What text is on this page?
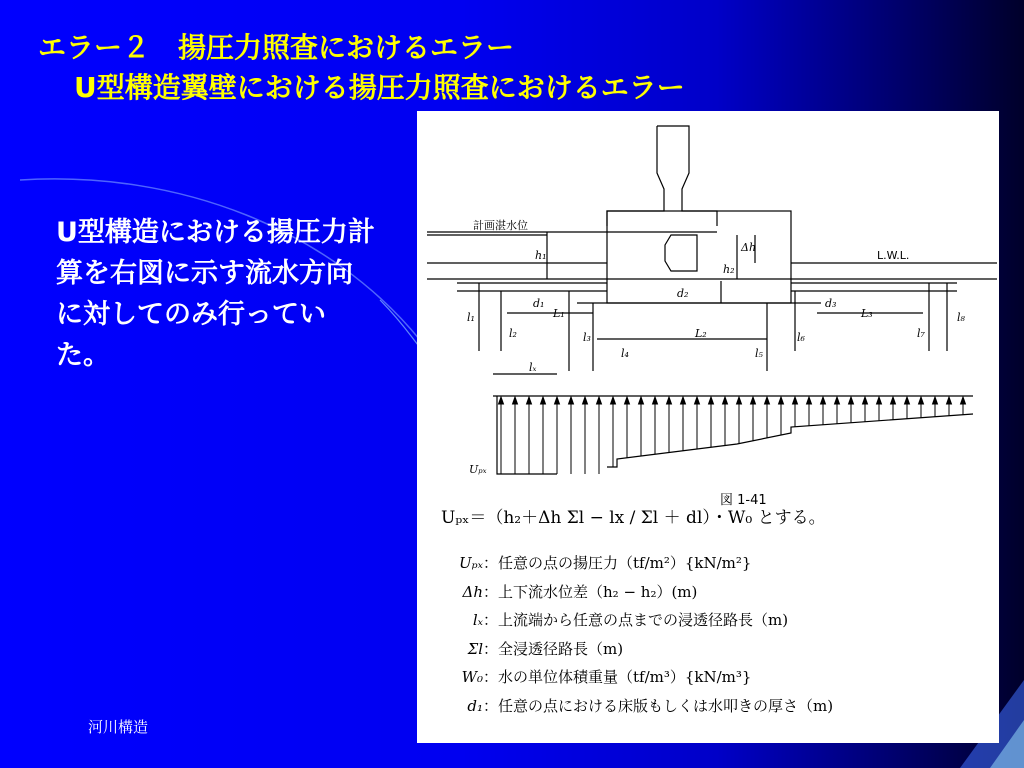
エラー２　揚圧力照査におけるエラー
U型構造翼壁における揚圧力照査におけるエラー

U型構造における揚圧力計算を右図に示す流水方向に対してのみ行っていた。

河川構造
計画湛水位
L.W.L.
h₁
h₂
Δh
d₁
d₂
d₃
L₁
L₂
L₃
l₁
l₂	l₃
l₄	l₅
l₆	l₇
l₈
lₓ
Uₚₓ
図 1-41
Uₚₓ＝（h₂＋Δh Σl − lx / Σl ＋ dl）・W₀ とする。
Uₚₓ：任意の点の揚圧力（tf/m²）{kN/m²}
Δh：上下流水位差（h₂ − h₂）(m)
lₓ：上流端から任意の点までの浸透径路長（m)
Σl：全浸透径路長（m)
W₀：水の単位体積重量（tf/m³）{kN/m³}
d₁：任意の点における床版もしくは水叩きの厚さ（m)
